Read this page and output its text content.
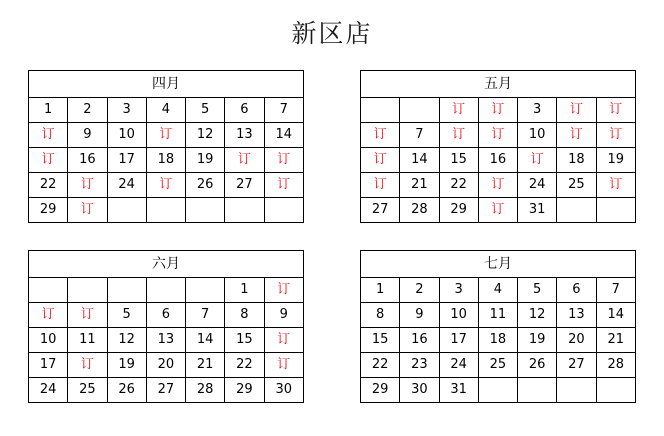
新区店
四月						
1	2	3	4	5	6	7
订	9	10	订	12	13	14
订	16	17	18	19	订	订
22	订	24	订	26	27	订
29	订					
五月						
		订	订	3	订	订
订	7	订	订	10	订	订
订	14	15	16	订	18	19
订	21	22	订	24	25	订
27	28	29	订	31		
六月						
					1	订
订	订	5	6	7	8	9
10	11	12	13	14	15	订
17	订	19	20	21	22	订
24	25	26	27	28	29	30
七月						
1	2	3	4	5	6	7
8	9	10	11	12	13	14
15	16	17	18	19	20	21
22	23	24	25	26	27	28
29	30	31				
